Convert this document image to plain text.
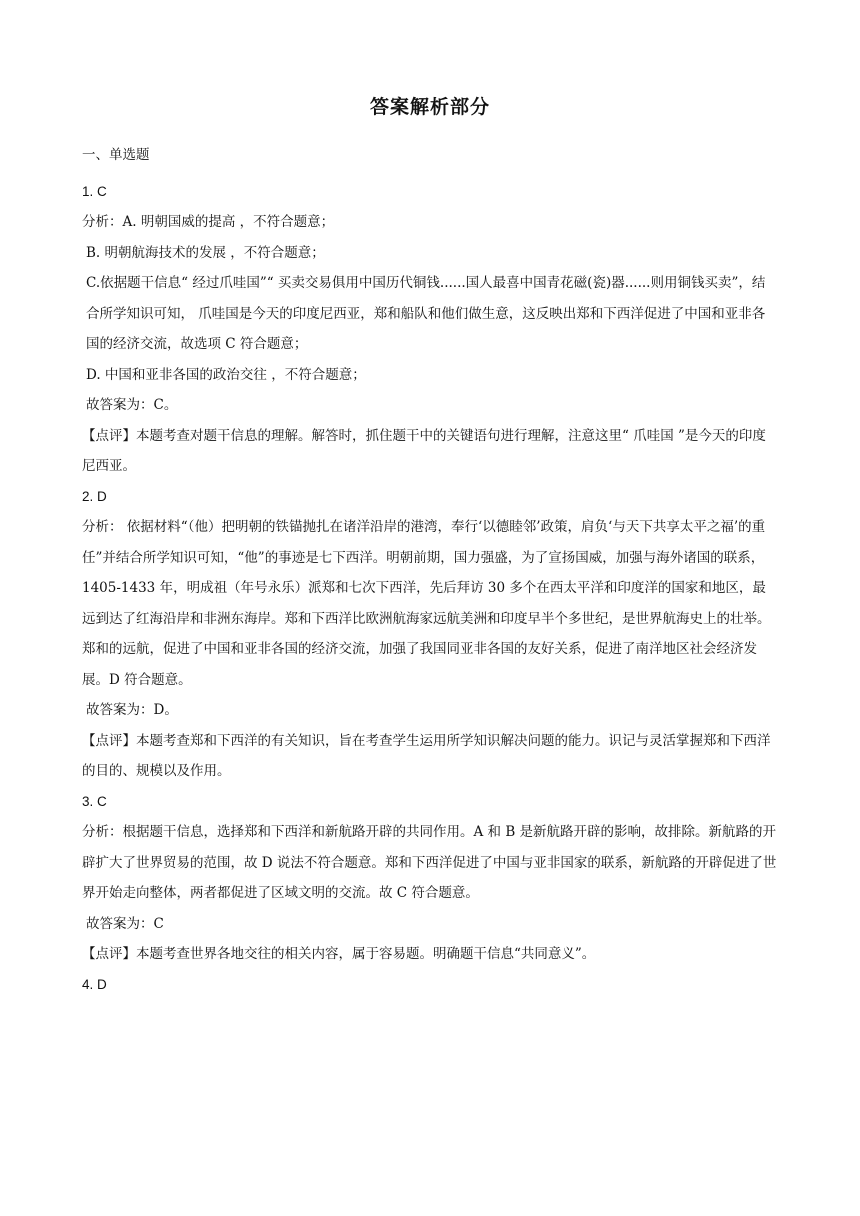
答案解析部分

一、单选题

1. C

分析：A. 明朝国威的提高 ，不符合题意；

B. 明朝航海技术的发展 ，不符合题意；

C.依据题干信息“ 经过爪哇国”“ 买卖交易俱用中国历代铜钱......国人最喜中国青花磁(瓷)器......则用铜钱买卖”，结合所学知识可知， 爪哇国是今天的印度尼西亚，郑和船队和他们做生意，这反映出郑和下西洋促进了中国和亚非各国的经济交流，故选项 C 符合题意；

D. 中国和亚非各国的政治交往 ，不符合题意；

故答案为：C。

【点评】本题考查对题干信息的理解。解答时，抓住题干中的关键语句进行理解，注意这里“ 爪哇国 ”是今天的印度尼西亚。

2. D

分析： 依据材料“（他）把明朝的铁锚抛扎在诸洋沿岸的港湾，奉行‘以德睦邻’政策，肩负‘与天下共享太平之福’的重任”并结合所学知识可知，“他”的事迹是七下西洋。明朝前期，国力强盛，为了宣扬国威，加强与海外诸国的联系，1405-1433 年，明成祖（年号永乐）派郑和七次下西洋，先后拜访 30 多个在西太平洋和印度洋的国家和地区，最远到达了红海沿岸和非洲东海岸。郑和下西洋比欧洲航海家远航美洲和印度早半个多世纪，是世界航海史上的壮举。郑和的远航，促进了中国和亚非各国的经济交流，加强了我国同亚非各国的友好关系，促进了南洋地区社会经济发展。D 符合题意。

故答案为：D。

【点评】本题考查郑和下西洋的有关知识，旨在考查学生运用所学知识解决问题的能力。识记与灵活掌握郑和下西洋的目的、规模以及作用。

3. C

分析：根据题干信息，选择郑和下西洋和新航路开辟的共同作用。A 和 B 是新航路开辟的影响，故排除。新航路的开辟扩大了世界贸易的范围，故 D 说法不符合题意。郑和下西洋促进了中国与亚非国家的联系，新航路的开辟促进了世界开始走向整体，两者都促进了区域文明的交流。故 C 符合题意。

故答案为：C

【点评】本题考查世界各地交往的相关内容，属于容易题。明确题干信息“共同意义”。

4. D
